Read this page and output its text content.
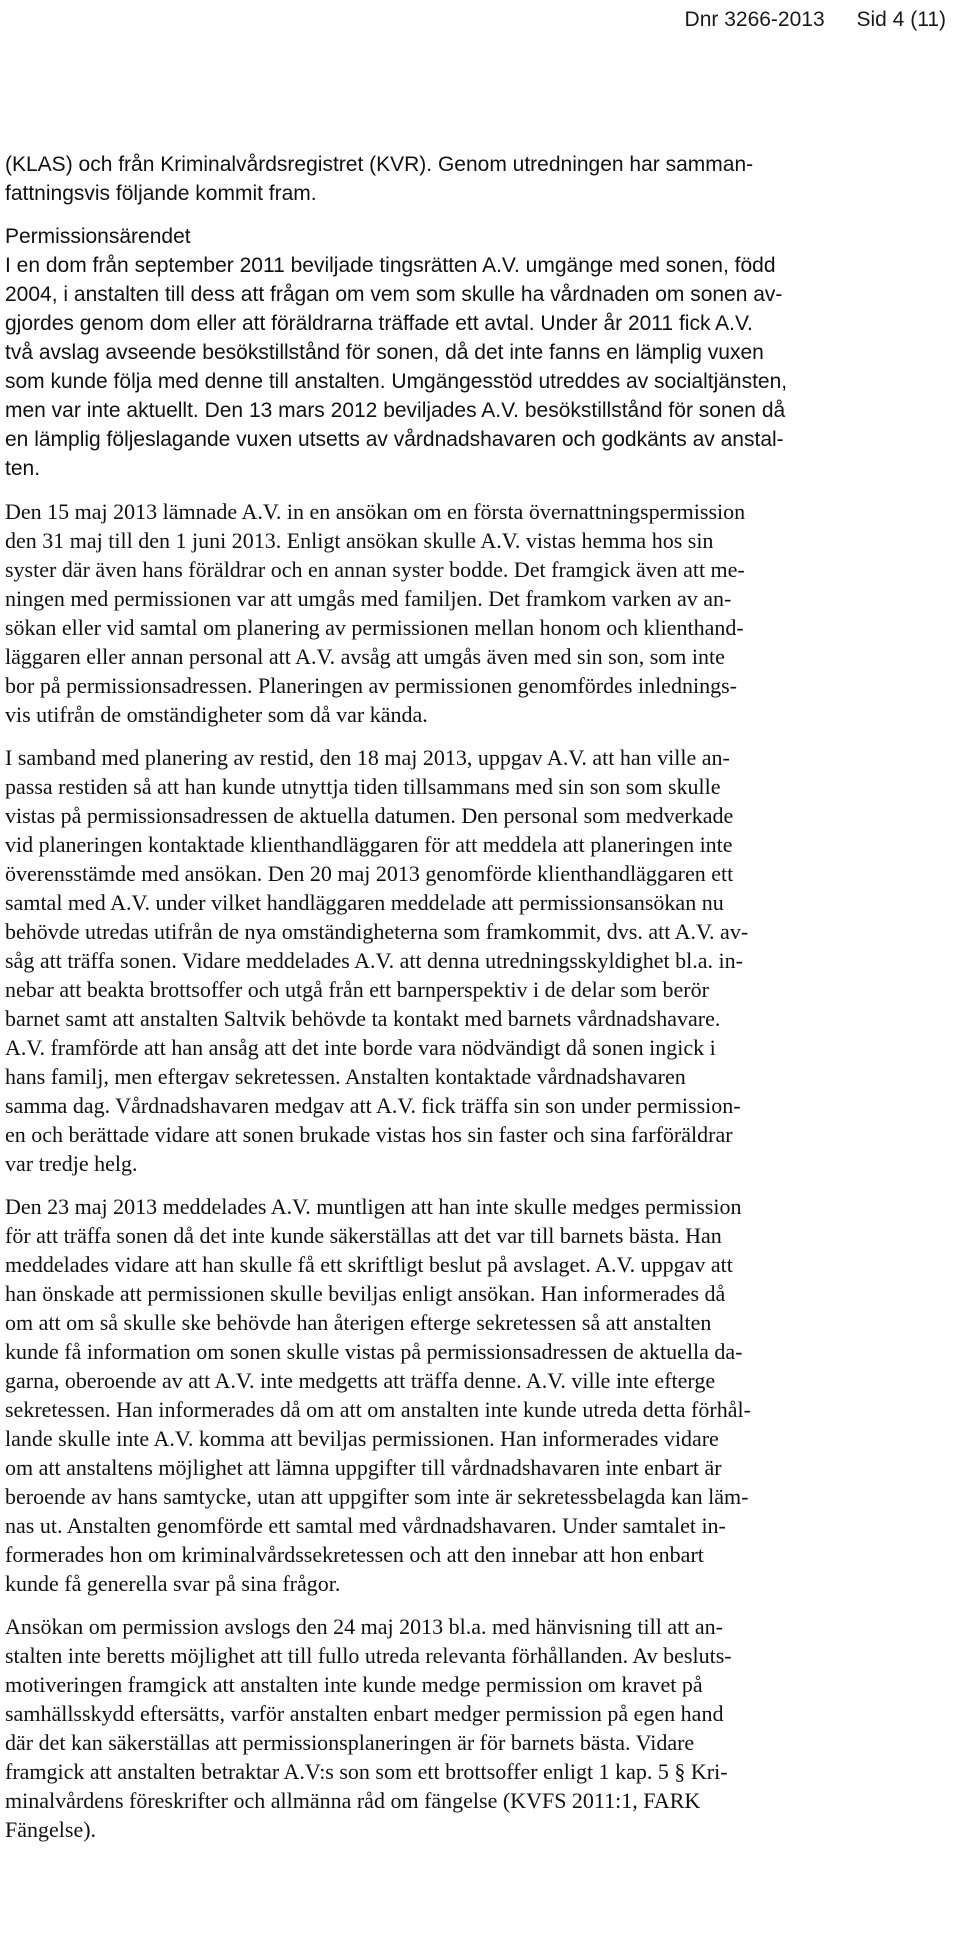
Dnr 3266-2013 Sid 4 (11)
(KLAS) och från Kriminalvårdsregistret (KVR). Genom utredningen har samman-
fattningsvis följande kommit fram.
Permissionsärendet
I en dom från september 2011 beviljade tingsrätten A.V. umgänge med sonen, född
2004, i anstalten till dess att frågan om vem som skulle ha vårdnaden om sonen av-
gjordes genom dom eller att föräldrarna träffade ett avtal. Under år 2011 fick A.V.
två avslag avseende besökstillstånd för sonen, då det inte fanns en lämplig vuxen
som kunde följa med denne till anstalten. Umgängesstöd utreddes av socialtjänsten,
men var inte aktuellt. Den 13 mars 2012 beviljades A.V. besökstillstånd för sonen då
en lämplig följeslagande vuxen utsetts av vårdnadshavaren och godkänts av anstal-
ten.
Den 15 maj 2013 lämnade A.V. in en ansökan om en första övernattningspermission
den 31 maj till den 1 juni 2013. Enligt ansökan skulle A.V. vistas hemma hos sin
syster där även hans föräldrar och en annan syster bodde. Det framgick även att me-
ningen med permissionen var att umgås med familjen. Det framkom varken av an-
sökan eller vid samtal om planering av permissionen mellan honom och klienthand-
läggaren eller annan personal att A.V. avsåg att umgås även med sin son, som inte
bor på permissionsadressen. Planeringen av permissionen genomfördes inlednings-
vis utifrån de omständigheter som då var kända.
I samband med planering av restid, den 18 maj 2013, uppgav A.V. att han ville an-
passa restiden så att han kunde utnyttja tiden tillsammans med sin son som skulle
vistas på permissionsadressen de aktuella datumen. Den personal som medverkade
vid planeringen kontaktade klienthandläggaren för att meddela att planeringen inte
överensstämde med ansökan. Den 20 maj 2013 genomförde klienthandläggaren ett
samtal med A.V. under vilket handläggaren meddelade att permissionsansökan nu
behövde utredas utifrån de nya omständigheterna som framkommit, dvs. att A.V. av-
såg att träffa sonen. Vidare meddelades A.V. att denna utredningsskyldighet bl.a. in-
nebar att beakta brottsoffer och utgå från ett barnperspektiv i de delar som berör
barnet samt att anstalten Saltvik behövde ta kontakt med barnets vårdnadshavare.
A.V. framförde att han ansåg att det inte borde vara nödvändigt då sonen ingick i
hans familj, men eftergav sekretessen. Anstalten kontaktade vårdnadshavaren
samma dag. Vårdnadshavaren medgav att A.V. fick träffa sin son under permission-
en och berättade vidare att sonen brukade vistas hos sin faster och sina farföräldrar
var tredje helg.
Den 23 maj 2013 meddelades A.V. muntligen att han inte skulle medges permission
för att träffa sonen då det inte kunde säkerställas att det var till barnets bästa. Han
meddelades vidare att han skulle få ett skriftligt beslut på avslaget. A.V. uppgav att
han önskade att permissionen skulle beviljas enligt ansökan. Han informerades då
om att om så skulle ske behövde han återigen efterge sekretessen så att anstalten
kunde få information om sonen skulle vistas på permissionsadressen de aktuella da-
garna, oberoende av att A.V. inte medgetts att träffa denne. A.V. ville inte efterge
sekretessen. Han informerades då om att om anstalten inte kunde utreda detta förhål-
lande skulle inte A.V. komma att beviljas permissionen. Han informerades vidare
om att anstaltens möjlighet att lämna uppgifter till vårdnadshavaren inte enbart är
beroende av hans samtycke, utan att uppgifter som inte är sekretessbelagda kan läm-
nas ut. Anstalten genomförde ett samtal med vårdnadshavaren. Under samtalet in-
formerades hon om kriminalvårdssekretessen och att den innebar att hon enbart
kunde få generella svar på sina frågor.
Ansökan om permission avslogs den 24 maj 2013 bl.a. med hänvisning till att an-
stalten inte beretts möjlighet att till fullo utreda relevanta förhållanden. Av besluts-
motiveringen framgick att anstalten inte kunde medge permission om kravet på
samhällsskydd eftersätts, varför anstalten enbart medger permission på egen hand
där det kan säkerställas att permissionsplaneringen är för barnets bästa. Vidare
framgick att anstalten betraktar A.V:s son som ett brottsoffer enligt 1 kap. 5 § Kri-
minalvårdens föreskrifter och allmänna råd om fängelse (KVFS 2011:1, FARK
Fängelse).
